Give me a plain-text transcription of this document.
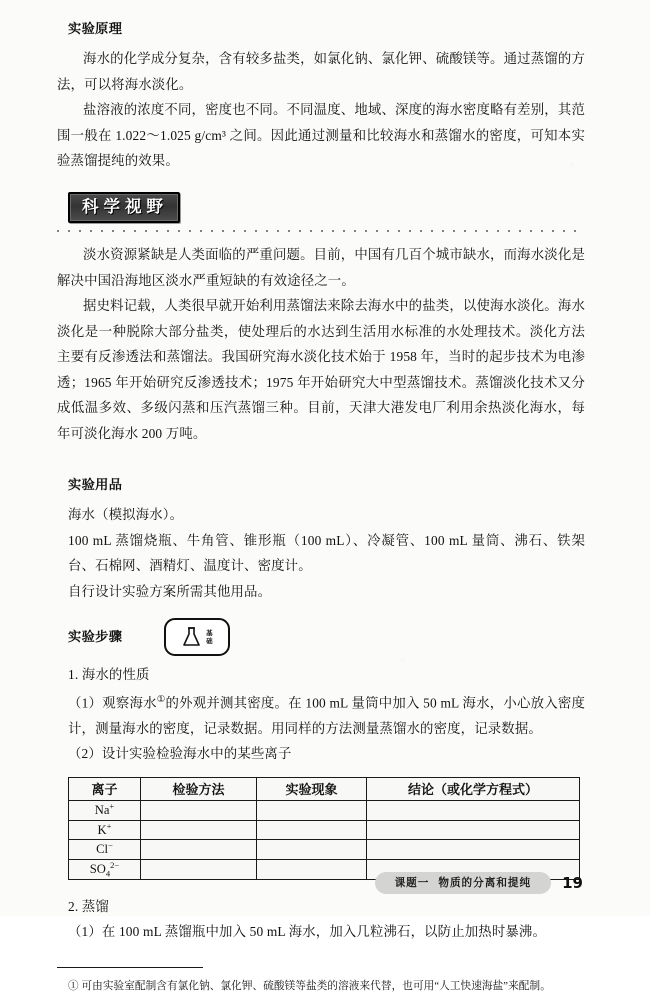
实验原理

海水的化学成分复杂，含有较多盐类，如氯化钠、氯化钾、硫酸镁等。通过蒸馏的方法，可以将海水淡化。

盐溶液的浓度不同，密度也不同。不同温度、地域、深度的海水密度略有差别，其范围一般在 1.022～1.025 g/cm³ 之间。因此通过测量和比较海水和蒸馏水的密度，可知本实验蒸馏提纯的效果。

科学视野

淡水资源紧缺是人类面临的严重问题。目前，中国有几百个城市缺水，而海水淡化是解决中国沿海地区淡水严重短缺的有效途径之一。

据史料记载，人类很早就开始利用蒸馏法来除去海水中的盐类，以使海水淡化。海水淡化是一种脱除大部分盐类，使处理后的水达到生活用水标准的水处理技术。淡化方法主要有反渗透法和蒸馏法。我国研究海水淡化技术始于 1958 年，当时的起步技术为电渗透；1965 年开始研究反渗透技术；1975 年开始研究大中型蒸馏技术。蒸馏淡化技术又分成低温多效、多级闪蒸和压汽蒸馏三种。目前，天津大港发电厂利用余热淡化海水，每年可淡化海水 200 万吨。

实验用品

海水（模拟海水）。

100 mL 蒸馏烧瓶、牛角管、锥形瓶（100 mL）、冷凝管、100 mL 量筒、沸石、铁架台、石棉网、酒精灯、温度计、密度计。

自行设计实验方案所需其他用品。

实验步骤	基
础

1. 海水的性质

（1）观察海水①的外观并测其密度。在 100 mL 量筒中加入 50 mL 海水，小心放入密度计，测量海水的密度，记录数据。用同样的方法测量蒸馏水的密度，记录数据。

（2）设计实验检验海水中的某些离子

离子	检验方法	实验现象	结论（或化学方程式）
Na+			
K+			
Cl−			
$SO_4^{2-}$			

2. 蒸馏

（1）在 100 mL 蒸馏瓶中加入 50 mL 海水，加入几粒沸石，以防止加热时暴沸。

① 可由实验室配制含有氯化钠、氯化钾、硫酸镁等盐类的溶液来代替，也可用“人工快速海盐”来配制。

课题一 物质的分离和提纯	19
